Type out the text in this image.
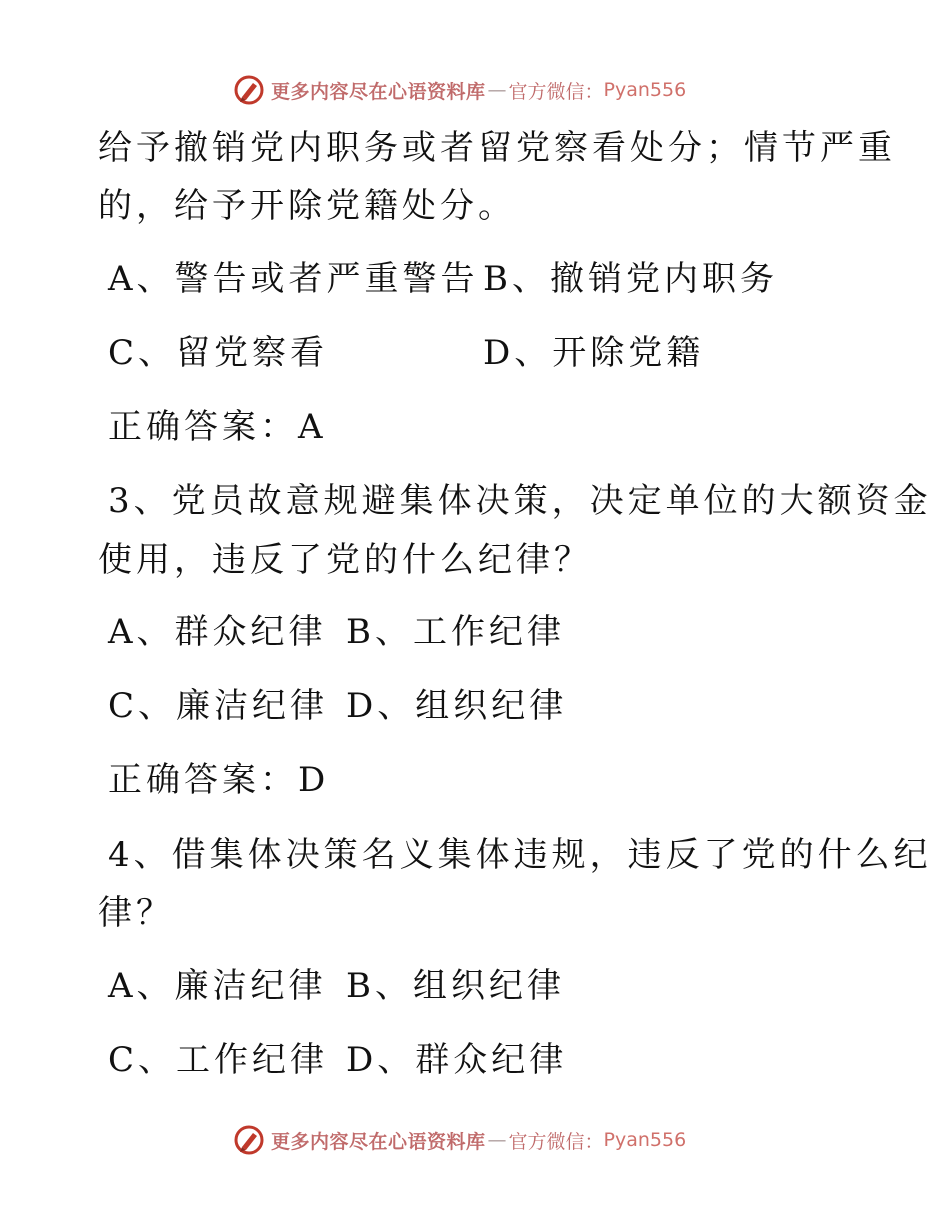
更多内容尽在心语资料库 — 官方微信： Pyan556
给予撤销党内职务或者留党察看处分；情节严重
的，给予开除党籍处分。
A、警告或者严重警告 B、撤销党内职务
C、留党察看	D、开除党籍
正确答案：A
3、党员故意规避集体决策，决定单位的大额资金
使用，违反了党的什么纪律？
A、群众纪律 B、工作纪律
C、廉洁纪律 D、组织纪律
正确答案：D
4、借集体决策名义集体违规，违反了党的什么纪
律？
A、廉洁纪律 B、组织纪律
C、工作纪律 D、群众纪律
更多内容尽在心语资料库 — 官方微信： Pyan556
